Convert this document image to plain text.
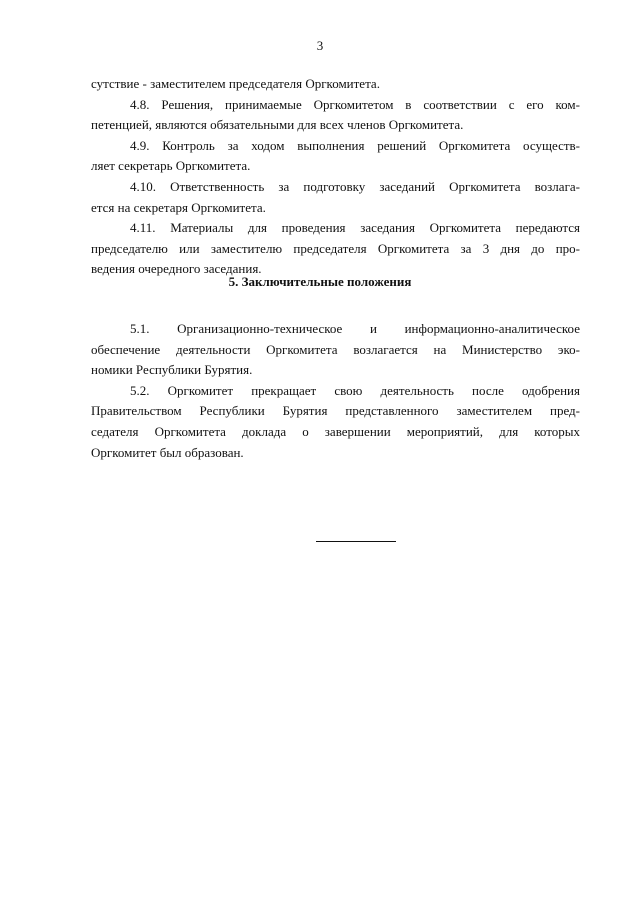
3
сутствие - заместителем председателя Оргкомитета.
4.8. Решения, принимаемые Оргкомитетом в соответствии с его ком-
петенцией, являются обязательными для всех членов Оргкомитета.
4.9. Контроль за ходом выполнения решений Оргкомитета осуществ-
ляет секретарь Оргкомитета.
4.10. Ответственность за подготовку заседаний Оргкомитета возлага-
ется на секретаря Оргкомитета.
4.11. Материалы для проведения заседания Оргкомитета передаются
председателю или заместителю председателя Оргкомитета за 3 дня до про-
ведения очередного заседания.
5. Заключительные положения
5.1. Организационно-техническое и информационно-аналитическое
обеспечение деятельности Оргкомитета возлагается на Министерство эко-
номики Республики Бурятия.
5.2. Оргкомитет прекращает свою деятельность после одобрения
Правительством Республики Бурятия представленного заместителем пред-
седателя Оргкомитета доклада о завершении мероприятий, для которых
Оргкомитет был образован.
